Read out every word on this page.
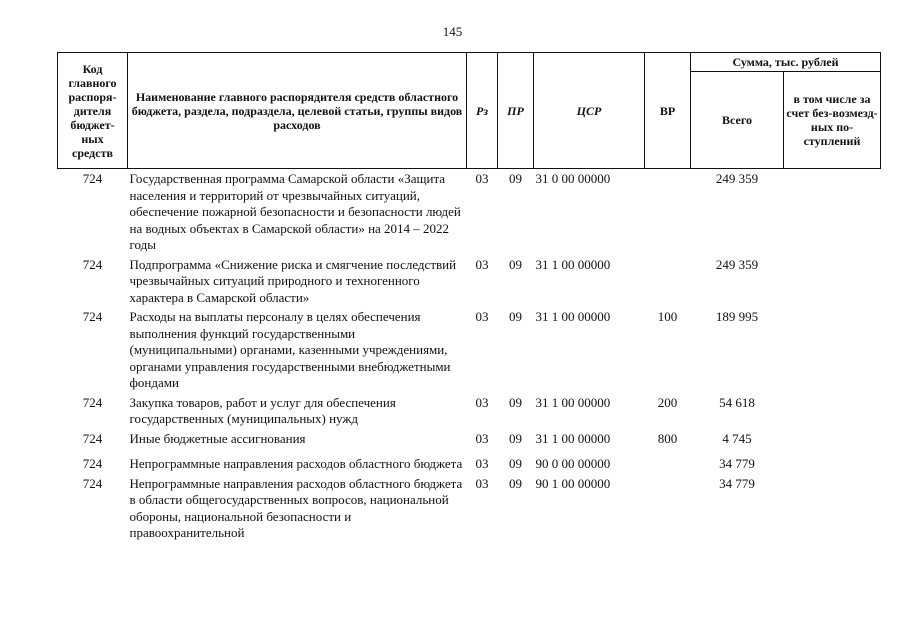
145
Код главного распоря-дителя бюджет-ных средств	Наименование главного распорядителя средств областного бюджета, раздела, подраздела, целевой статьи, группы видов расходов	Рз	ПР	ЦСР	ВР	Сумма, тыс. рублей	
						Всего	в том числе за счет без-возмезд-ных по-ступлений
724	Государственная программа Самарской области «Защита населения и территорий от чрезвычайных ситуаций, обеспечение пожарной безопасности и безопасности людей на водных объектах в Самарской области» на 2014 – 2022 годы	03	09	31 0 00 00000		249 359	
724	Подпрограмма «Снижение риска и смягчение последствий чрезвычайных ситуаций природного и техногенного характера в Самарской области»	03	09	31 1 00 00000		249 359	
724	Расходы на выплаты персоналу в целях обеспечения выполнения функций государственными (муниципальными) органами, казенными учреждениями, органами управления государственными внебюджетными фондами	03	09	31 1 00 00000	100	189 995	
724	Закупка товаров, работ и услуг для обеспечения государственных (муниципальных) нужд	03	09	31 1 00 00000	200	54 618	
724	Иные бюджетные ассигнования	03	09	31 1 00 00000	800	4 745	
724	Непрограммные направления расходов областного бюджета	03	09	90 0 00 00000		34 779	
724	Непрограммные направления расходов областного бюджета в области общегосударственных вопросов, национальной обороны, национальной безопасности и правоохранительной	03	09	90 1 00 00000		34 779	
